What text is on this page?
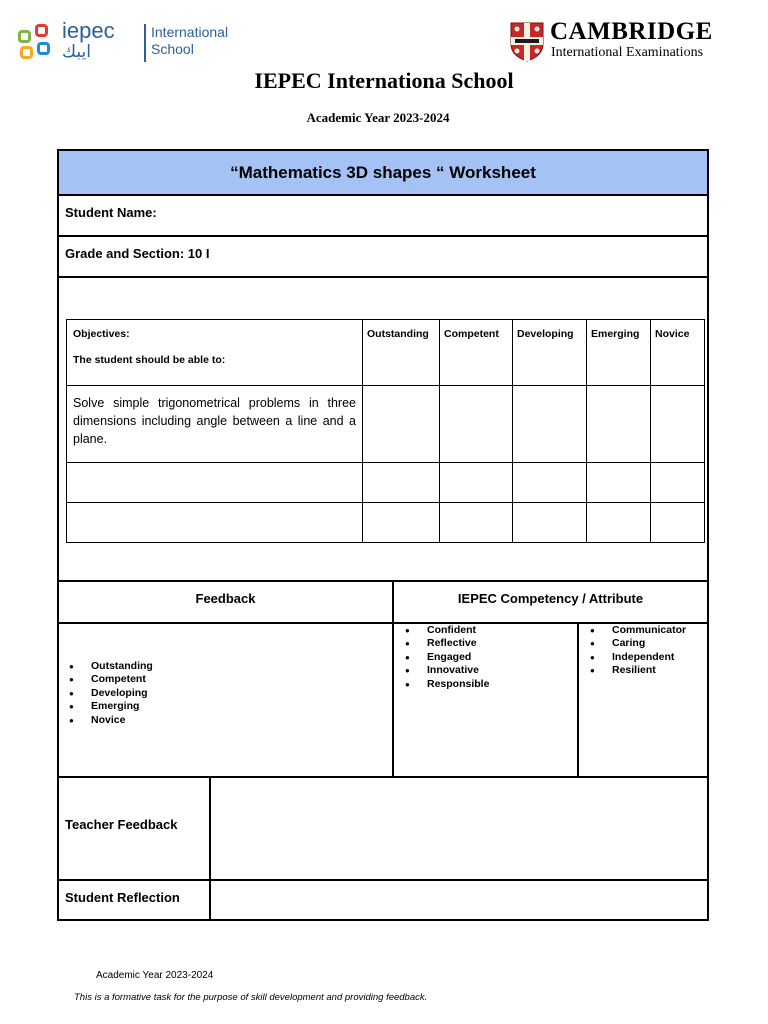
iepec
ايبك
International
School
CAMBRIDGE
International Examinations
IEPEC Internationa School
Academic Year 2023-2024
“Mathematics 3D shapes “ Worksheet
Student Name:
Grade and Section: 10 I
Objectives:
The student should be able to:	Outstanding	Competent	Developing	Emerging	Novice
Solve simple trigonometrical problems in three dimensions including angle between a line and a plane.					

Feedback	IEPEC Competency / Attribute
● Outstanding
● Competent
● Developing
● Emerging
● Novice
● Confident
● Reflective
● Engaged
● Innovative
● Responsible
● Communicator
● Caring
● Independent
● Resilient
Teacher Feedback
Student Reflection
Academic Year 2023-2024
This is a formative task for the purpose of skill development and providing feedback.
